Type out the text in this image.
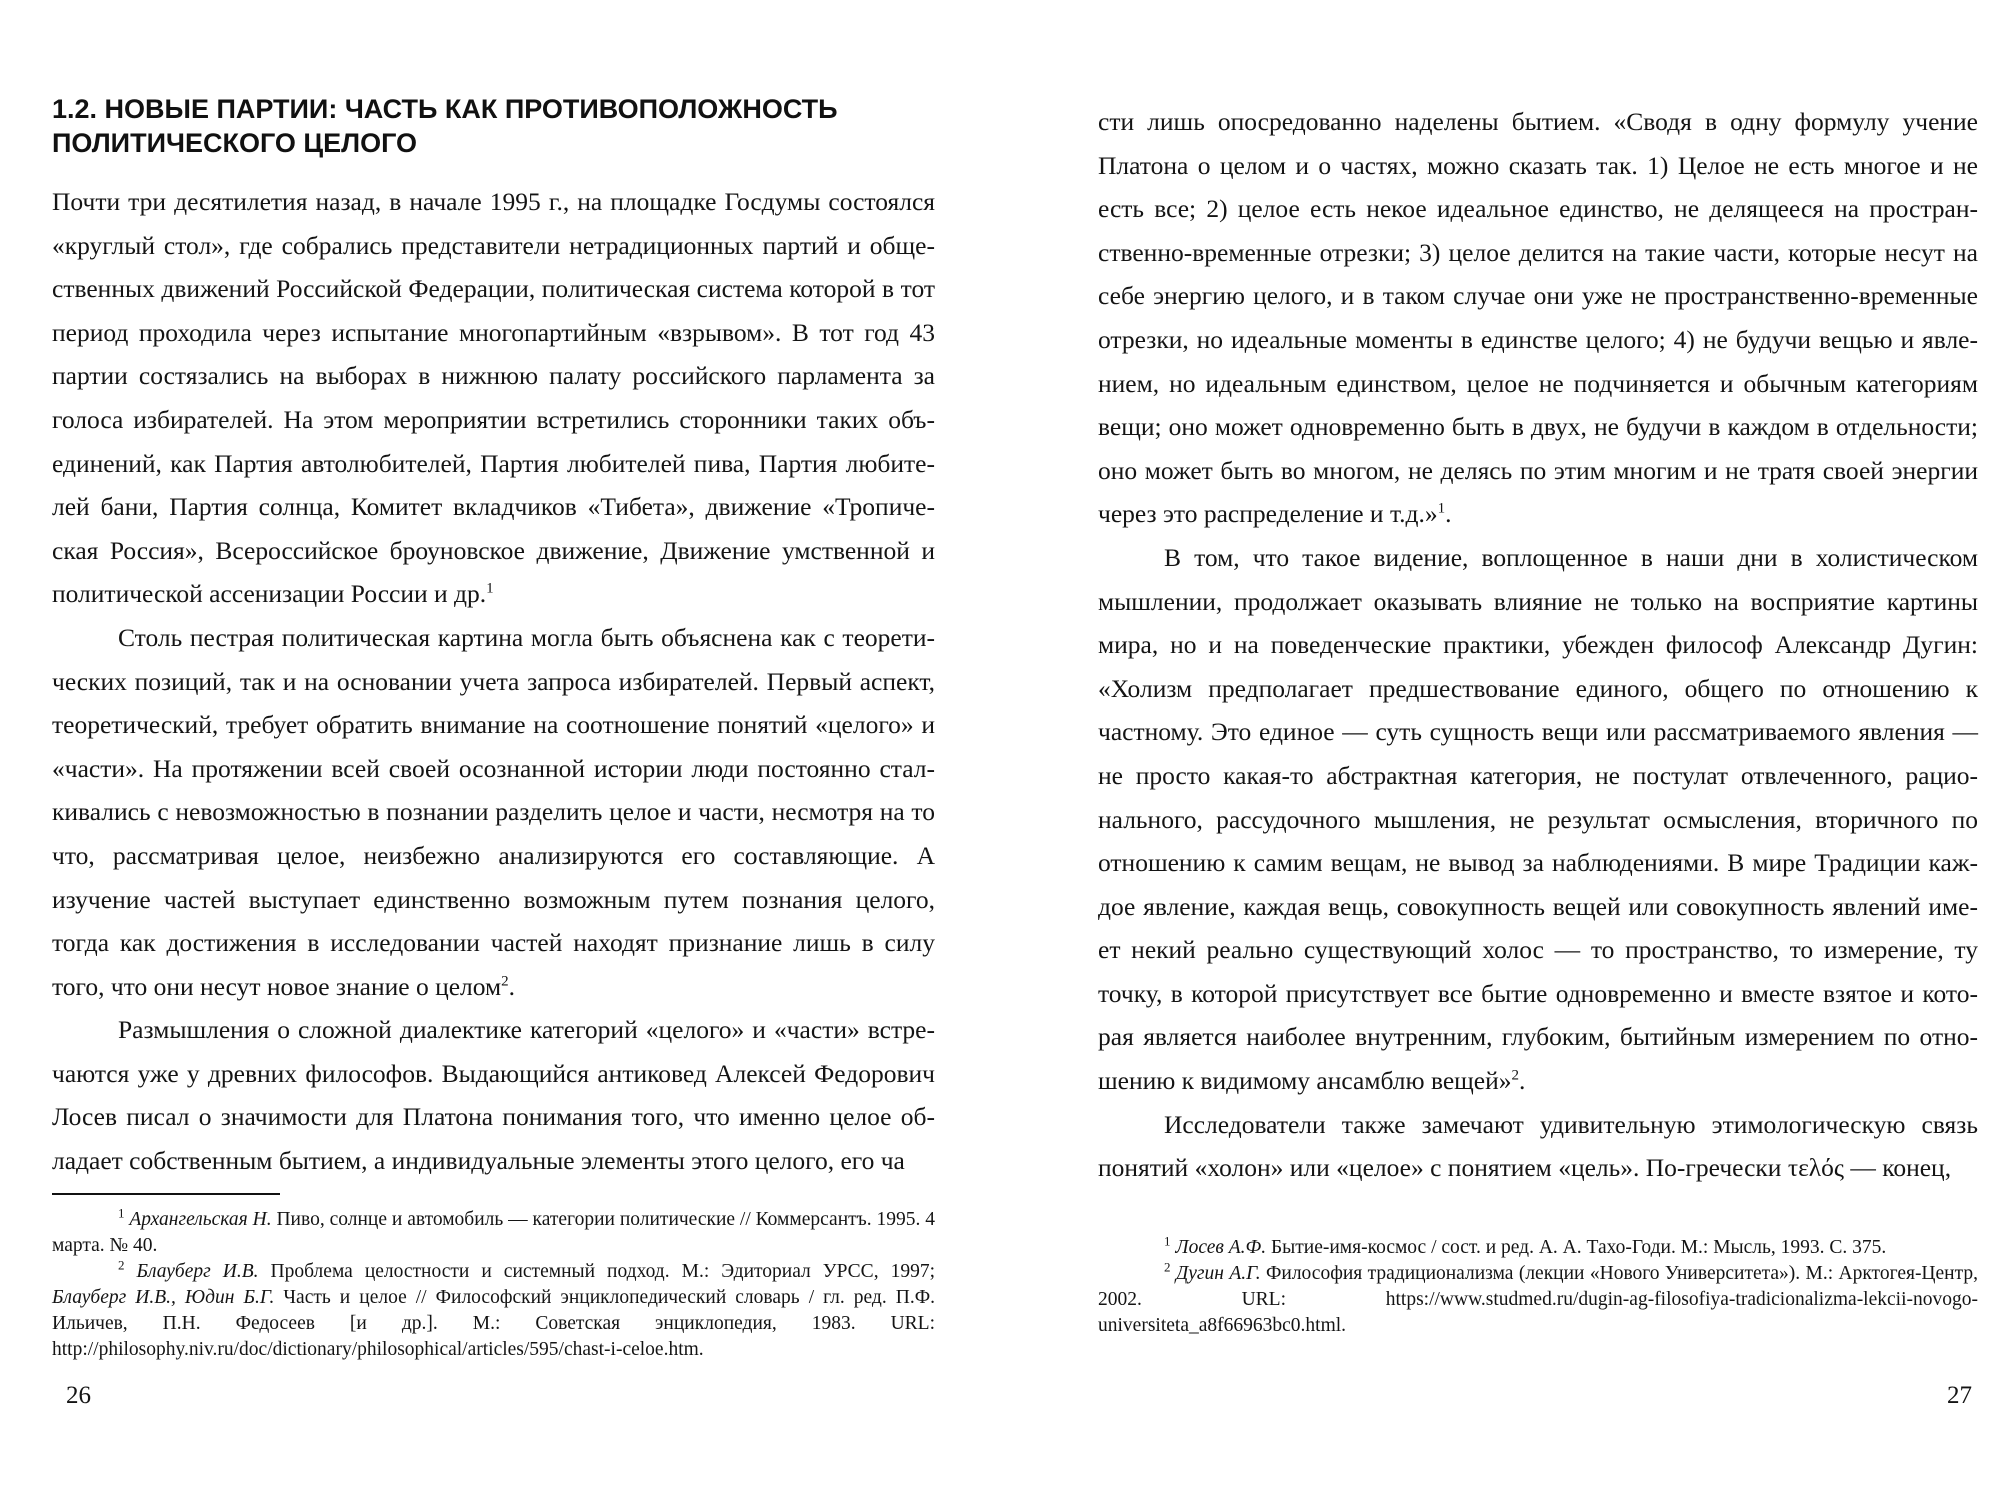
1.2. НОВЫЕ ПАРТИИ: ЧАСТЬ КАК ПРОТИВОПОЛОЖНОСТЬ ПОЛИТИЧЕСКОГО ЦЕЛОГО

Почти три десятилетия назад, в начале 1995 г., на площадке Госдумы состоялся «круглый стол», где собрались представители нетрадиционных партий и общественных движений Российской Федерации, политическая система которой в тот период проходила через испытание многопартийным «взрывом». В тот год 43 партии состязались на выборах в нижнюю палату российского парламента за голоса избирателей. На этом мероприятии встретились сторонники таких объединений, как Партия автолюбителей, Партия любителей пива, Партия любителей бани, Партия солнца, Комитет вкладчиков «Тибета», движение «Тропическая Россия», Всероссийское броуновское движение, Движение умственной и политической ассенизации России и др.$^1$

Столь пестрая политическая картина могла быть объяснена как с теоретических позиций, так и на основании учета запроса избирателей. Первый аспект, теоретический, требует обратить внимание на соотношение понятий «целого» и «части». На протяжении всей своей осознанной истории люди постоянно сталкивались с невозможностью в познании разделить целое и части, несмотря на то что, рассматривая целое, неизбежно анализируются его составляющие. А изучение частей выступает единственно возможным путем познания целого, тогда как достижения в исследовании частей находят признание лишь в силу того, что они несут новое знание о целом$^2$.

Размышления о сложной диалектике категорий «целого» и «части» встречаются уже у древних философов. Выдающийся антиковед Алексей Федорович Лосев писал о значимости для Платона понимания того, что именно целое обладает собственным бытием, а индивидуальные элементы этого целого, его ча

$^1$ Архангельская Н. Пиво, солнце и автомобиль — категории политические // Коммерсантъ. 1995. 4 марта. № 40.

$^2$ Блауберг И.В. Проблема целостности и системный подход. М.: Эдиториал УРСС, 1997; Блауберг И.В., Юдин Б.Г. Часть и целое // Философский энциклопедический словарь / гл. ред. П.Ф. Ильичев, П.Н. Федосеев [и др.]. М.: Советская энциклопедия, 1983. URL: http://philosophy.niv.ru/doc/dictionary/philosophical/articles/595/chast-i-celoe.htm.

26

сти лишь опосредованно наделены бытием. «Сводя в одну формулу учение Платона о целом и о частях, можно сказать так. 1) Целое не есть многое и не есть все; 2) целое есть некое идеальное единство, не делящееся на пространственно-временные отрезки; 3) целое делится на такие части, которые несут на себе энергию целого, и в таком случае они уже не пространственно-временные отрезки, но идеальные моменты в единстве целого; 4) не будучи вещью и явлением, но идеальным единством, целое не подчиняется и обычным категориям вещи; оно может одновременно быть в двух, не будучи в каждом в отдельности; оно может быть во многом, не делясь по этим многим и не тратя своей энергии через это распределение и т.д.»$^1$.

В том, что такое видение, воплощенное в наши дни в холистическом мышлении, продолжает оказывать влияние не только на восприятие картины мира, но и на поведенческие практики, убежден философ Александр Дугин: «Холизм предполагает предшествование единого, общего по отношению к частному. Это единое — суть сущность вещи или рассматриваемого явления — не просто какая-то абстрактная категория, не постулат отвлеченного, рационального, рассудочного мышления, не результат осмысления, вторичного по отношению к самим вещам, не вывод за наблюдениями. В мире Традиции каждое явление, каждая вещь, совокупность вещей или совокупность явлений имеет некий реально существующий холос — то пространство, то измерение, ту точку, в которой присутствует все бытие одновременно и вместе взятое и которая является наиболее внутренним, глубоким, бытийным измерением по отношению к видимому ансамблю вещей»$^2$.

Исследователи также замечают удивительную этимологическую связь понятий «холон» или «целое» с понятием «цель». По-гречески τελός — конец,

$^1$ Лосев А.Ф. Бытие-имя-космос / сост. и ред. А. А. Тахо-Годи. М.: Мысль, 1993. С. 375.

$^2$ Дугин А.Г. Философия традиционализма (лекции «Нового Университета»). М.: Арктогея-Центр, 2002. URL: https://www.studmed.ru/dugin-ag-filosofiya-tradicionalizma-lekcii-novogo-universiteta_a8f66963bc0.html.

27
